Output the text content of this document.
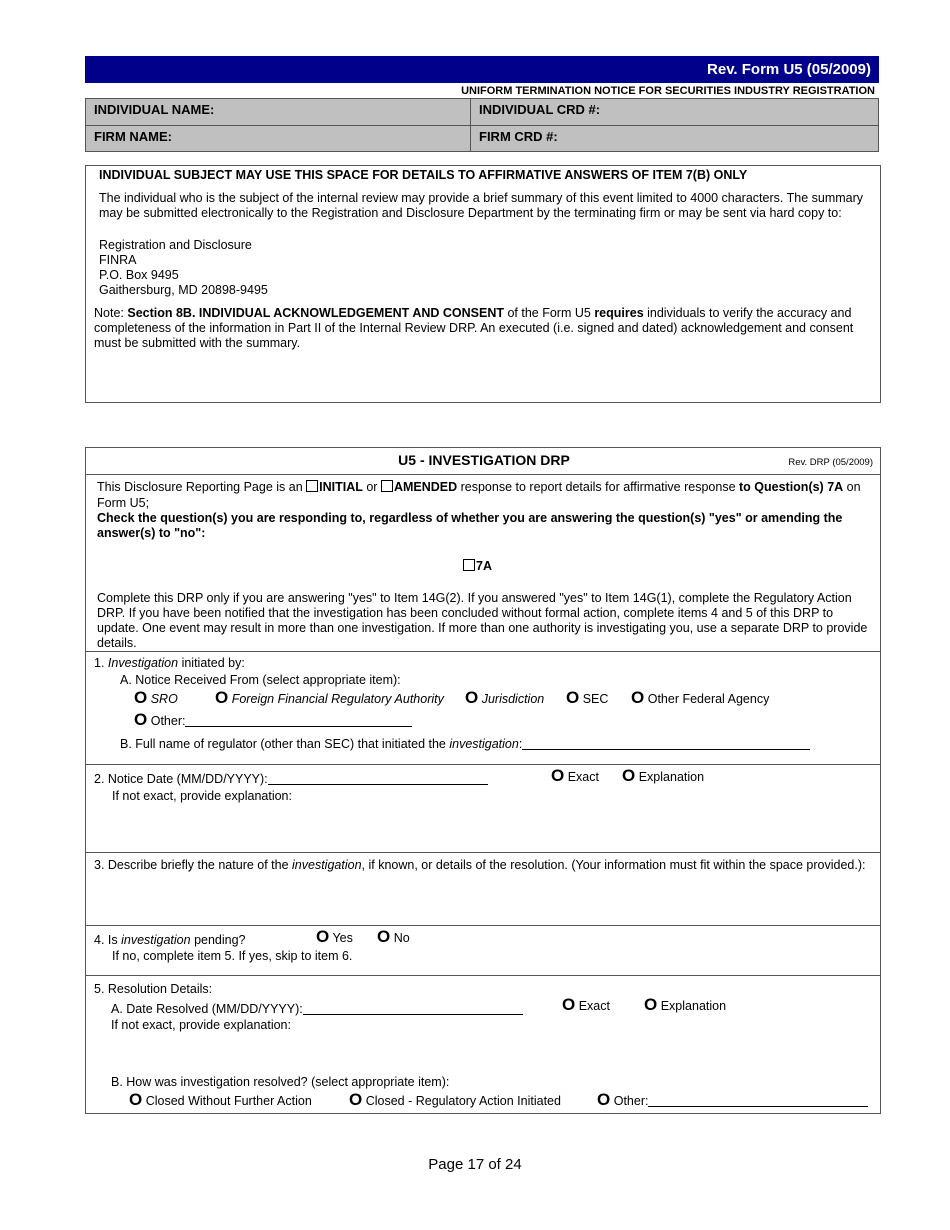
Rev. Form U5 (05/2009)
UNIFORM TERMINATION NOTICE FOR SECURITIES INDUSTRY REGISTRATION
INDIVIDUAL NAME:	INDIVIDUAL CRD #:
FIRM NAME:	FIRM CRD #:
INDIVIDUAL SUBJECT MAY USE THIS SPACE FOR DETAILS TO AFFIRMATIVE ANSWERS OF ITEM 7(B) ONLY
The individual who is the subject of the internal review may provide a brief summary of this event limited to 4000 characters. The summary may be submitted electronically to the Registration and Disclosure Department by the terminating firm or may be sent via hard copy to:
Registration and Disclosure
FINRA
P.O. Box 9495
Gaithersburg, MD 20898-9495
Note: Section 8B. INDIVIDUAL ACKNOWLEDGEMENT AND CONSENT of the Form U5 requires individuals to verify the accuracy and completeness of the information in Part II of the Internal Review DRP. An executed (i.e. signed and dated) acknowledgement and consent must be submitted with the summary.
U5 - INVESTIGATION DRP	Rev. DRP (05/2009)
This Disclosure Reporting Page is an INITIAL or AMENDED response to report details for affirmative response to Question(s) 7A on
Form U5;
Check the question(s) you are responding to, regardless of whether you are answering the question(s) "yes" or amending the answer(s) to "no":
7A
Complete this DRP only if you are answering "yes" to Item 14G(2). If you answered "yes" to Item 14G(1), complete the Regulatory Action DRP. If you have been notified that the investigation has been concluded without formal action, complete items 4 and 5 of this DRP to update. One event may result in more than one investigation. If more than one authority is investigating you, use a separate DRP to provide details.
1. Investigation initiated by:
A. Notice Received From (select appropriate item):
O SRO O Foreign Financial Regulatory Authority O Jurisdiction O SEC O Other Federal Agency
O Other:
B. Full name of regulator (other than SEC) that initiated the investigation:
2. Notice Date (MM/DD/YYYY):	O Exact O Explanation
If not exact, provide explanation:
3. Describe briefly the nature of the investigation, if known, or details of the resolution. (Your information must fit within the space provided.):
4. Is investigation pending?	O Yes O No
If no, complete item 5. If yes, skip to item 6.
5. Resolution Details:
A. Date Resolved (MM/DD/YYYY):	O Exact O Explanation
If not exact, provide explanation:
B. How was investigation resolved? (select appropriate item):
O Closed Without Further Action O Closed - Regulatory Action Initiated O Other:
Page 17 of 24
